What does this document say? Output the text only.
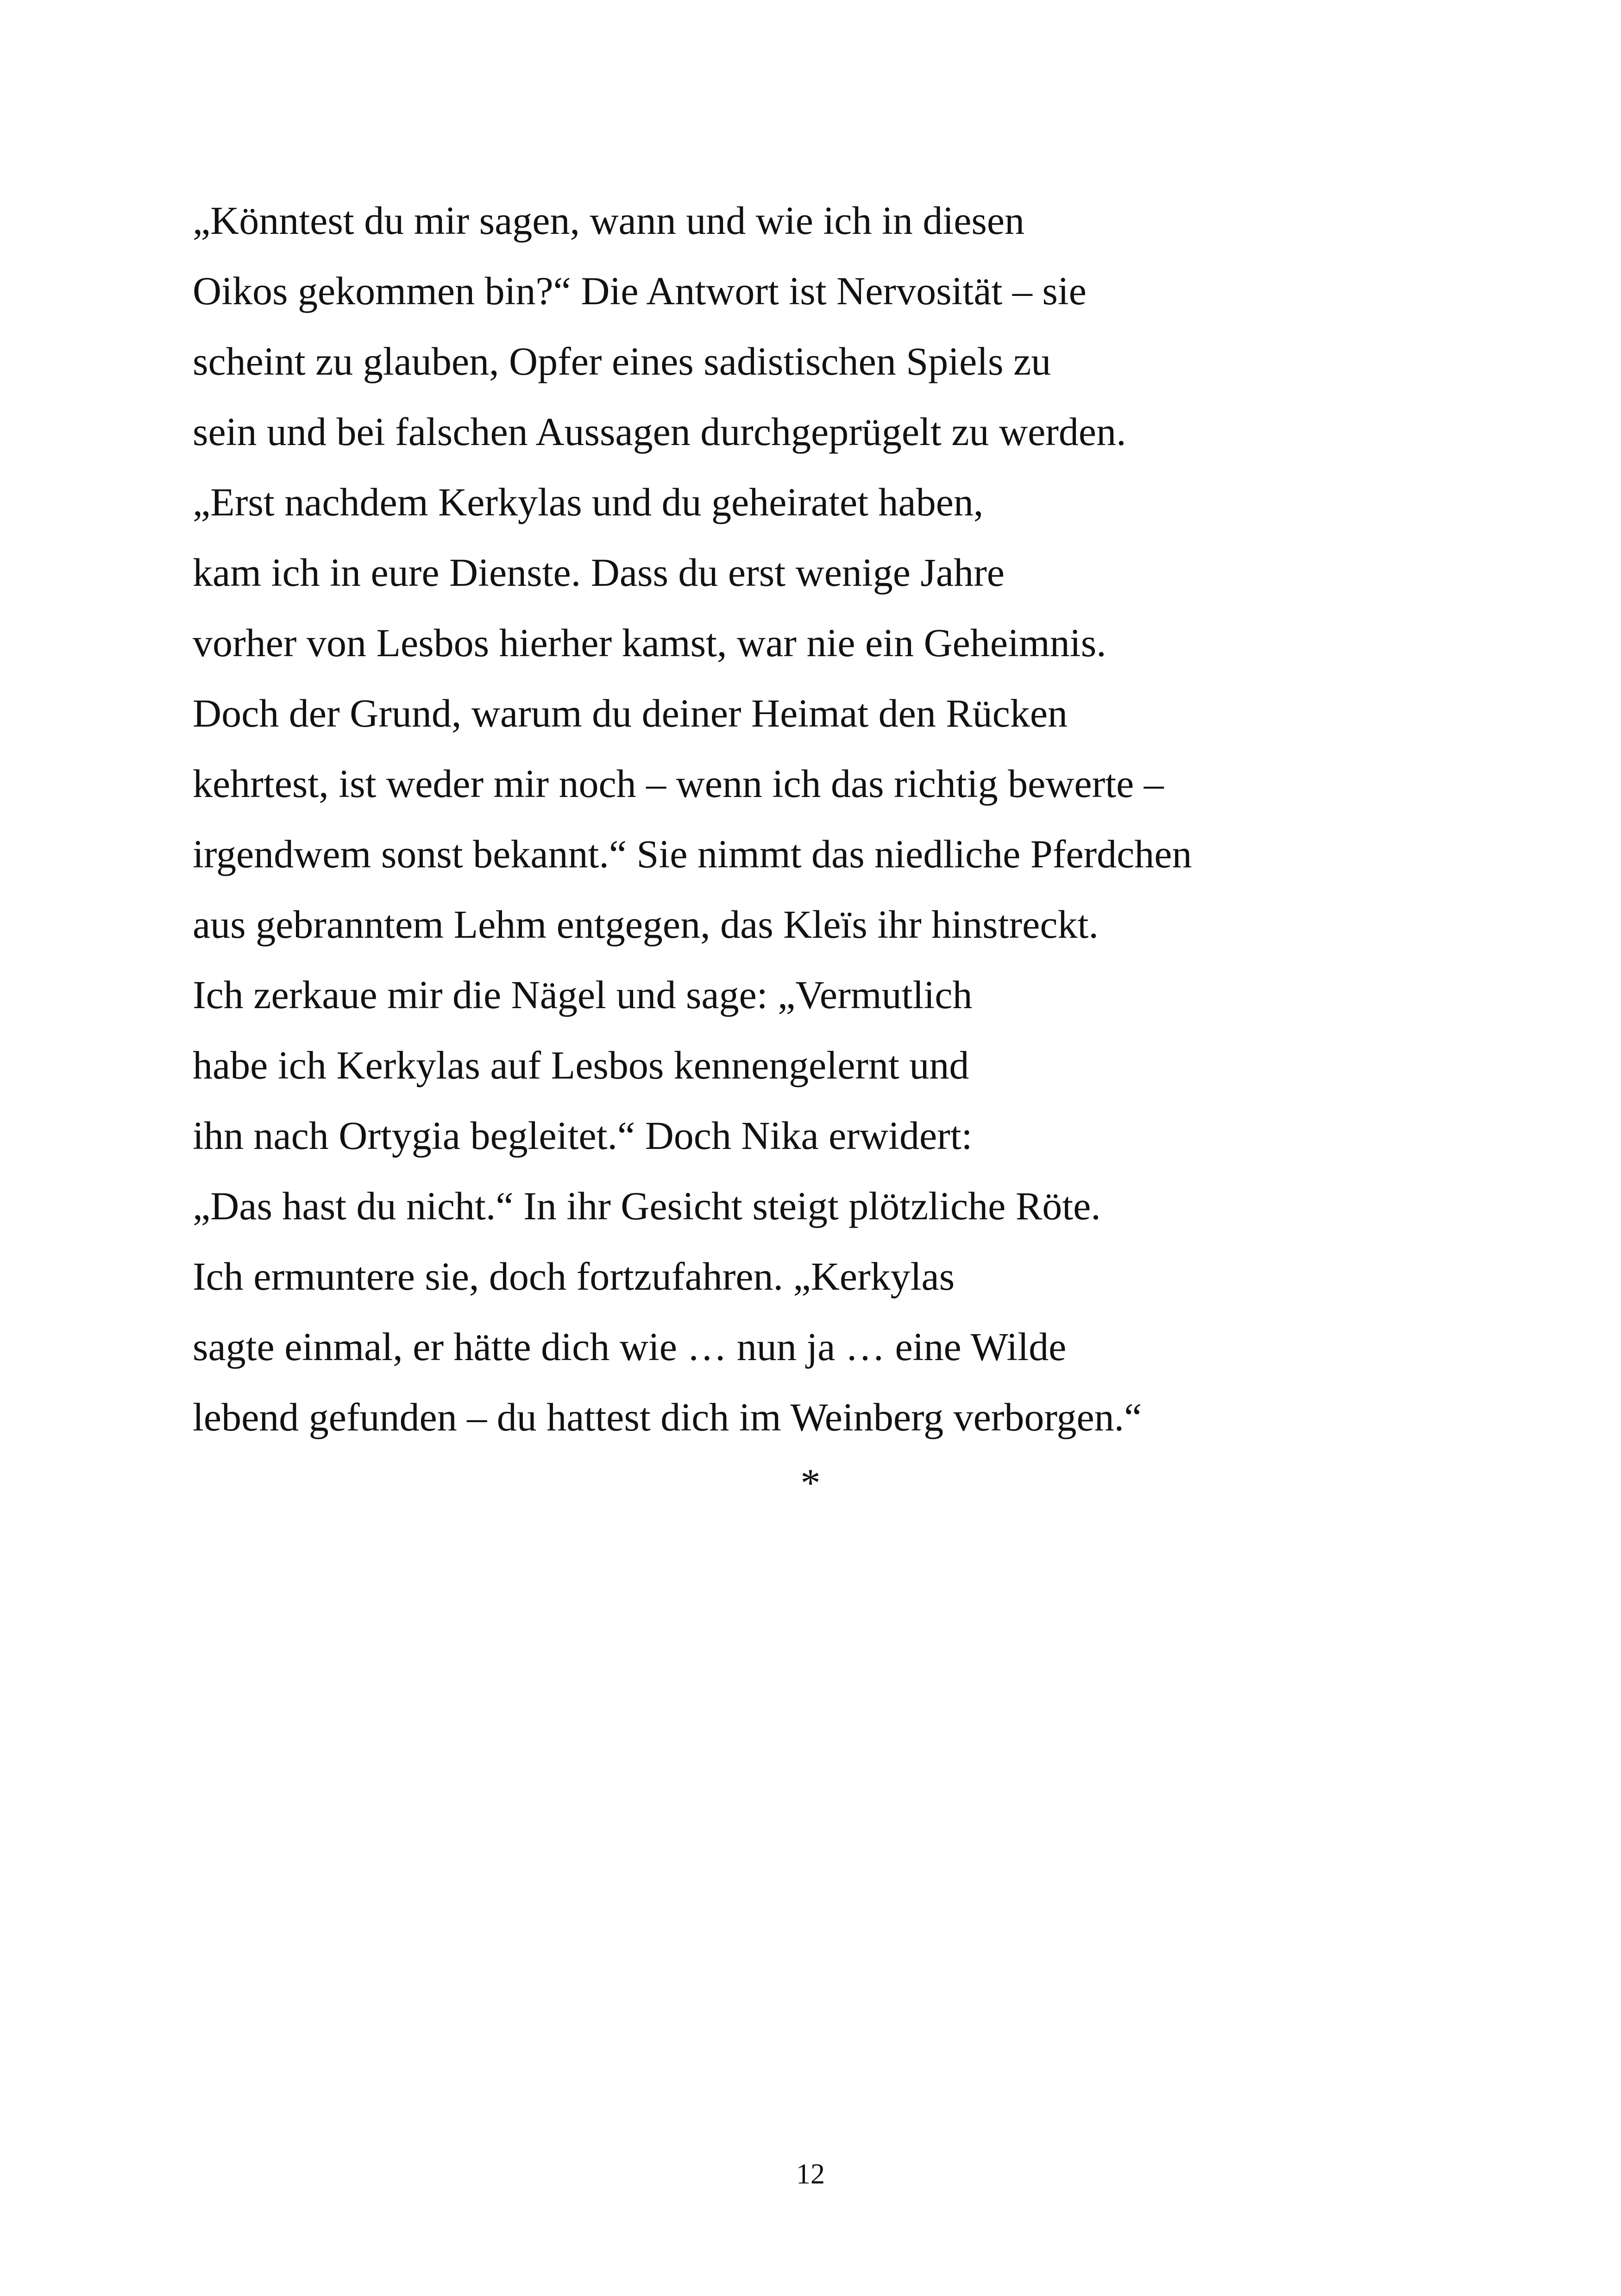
„Könntest du mir sagen, wann und wie ich in diesen
Oikos gekommen bin?“ Die Antwort ist Nervosität – sie
scheint zu glauben, Opfer eines sadistischen Spiels zu
sein und bei falschen Aussagen durchgeprügelt zu werden.
„Erst nachdem Kerkylas und du geheiratet haben,
kam ich in eure Dienste. Dass du erst wenige Jahre
vorher von Lesbos hierher kamst, war nie ein Geheimnis.
Doch der Grund, warum du deiner Heimat den Rücken
kehrtest, ist weder mir noch – wenn ich das richtig bewerte –
irgendwem sonst bekannt.“ Sie nimmt das niedliche Pferdchen
aus gebranntem Lehm entgegen, das Kleïs ihr hinstreckt.
Ich zerkaue mir die Nägel und sage: „Vermutlich
habe ich Kerkylas auf Lesbos kennengelernt und
ihn nach Ortygia begleitet.“ Doch Nika erwidert:
„Das hast du nicht.“ In ihr Gesicht steigt plötzliche Röte.
Ich ermuntere sie, doch fortzufahren. „Kerkylas
sagte einmal, er hätte dich wie … nun ja … eine Wilde
lebend gefunden – du hattest dich im Weinberg verborgen.“
*
12
